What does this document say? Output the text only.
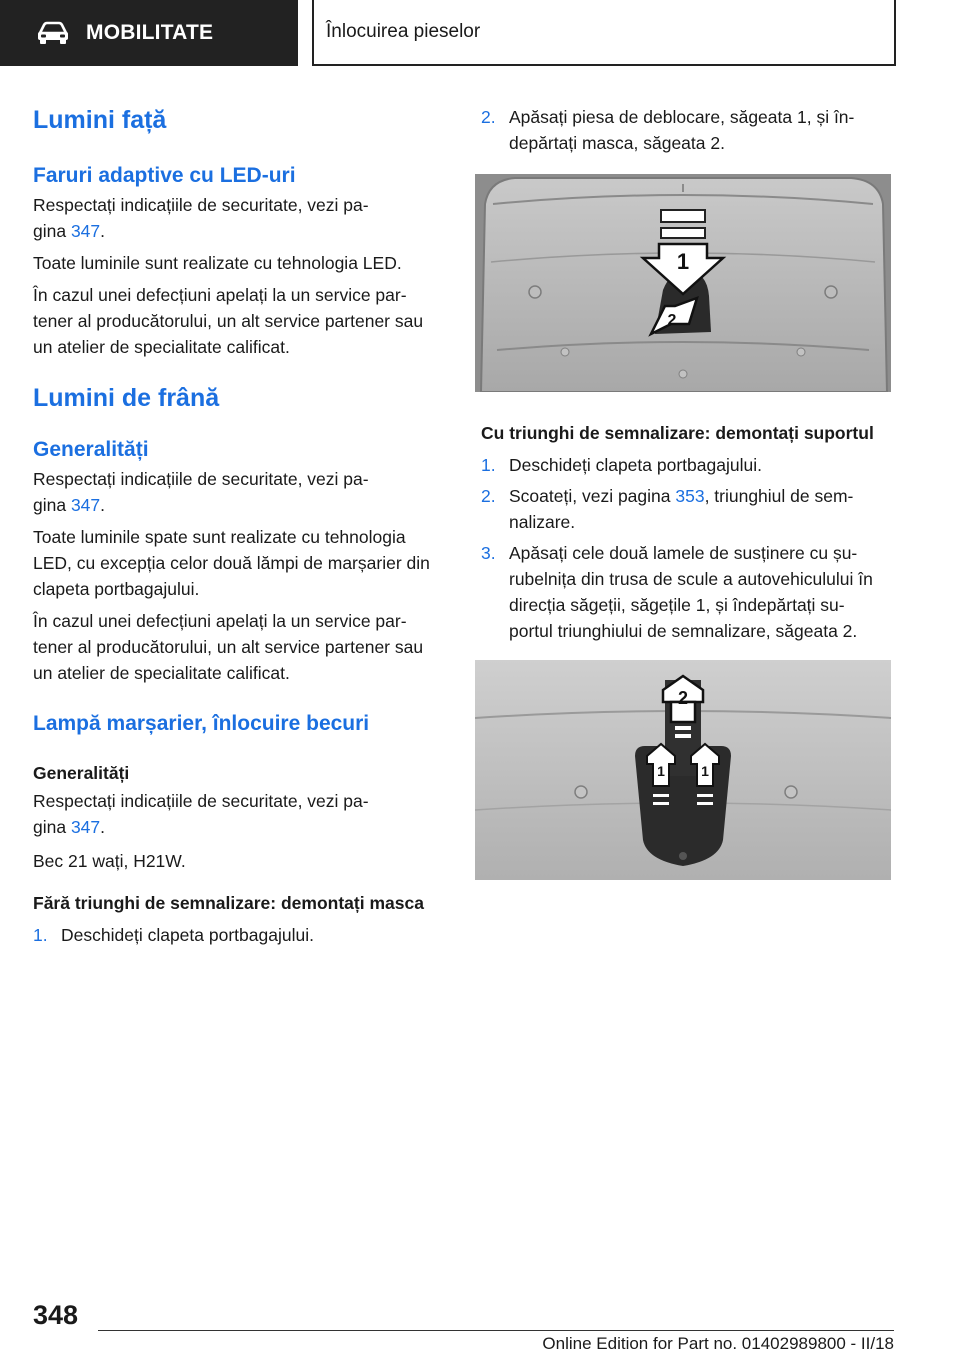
MOBILITATE	Înlocuirea pieselor
Lumini față
Faruri adaptive cu LED-uri
Respectați indicațiile de securitate, vezi pa‐
gina 347.
Toate luminile sunt realizate cu tehnologia LED.
În cazul unei defecțiuni apelați la un service par‐ tener al producătorului, un alt service partener sau un atelier de specialitate calificat.
Lumini de frână
Generalități
Respectați indicațiile de securitate, vezi pa‐
gina 347.
Toate luminile spate sunt realizate cu tehnologia LED, cu excepția celor două lămpi de marșarier din clapeta portbagajului.
În cazul unei defecțiuni apelați la un service par‐ tener al producătorului, un alt service partener sau un atelier de specialitate calificat.
Lampă marșarier, înlocuire becuri
Generalități
Respectați indicațiile de securitate, vezi pa‐
gina 347.
Bec 21 wați, H21W.
Fără triunghi de semnalizare: demontați masca
1. Deschideți clapeta portbagajului.
2. Apăsați piesa de deblocare, săgeata 1, și în‐ depărtați masca, săgeata 2.
1
2
Cu triunghi de semnalizare: demontați suportul
1. Deschideți clapeta portbagajului.
2. Scoateți, vezi pagina 353, triunghiul de sem‐ nalizare.
3. Apăsați cele două lamele de susținere cu șu‐ rubelnița din trusa de scule a autovehiculului în direcția săgeții, săgețile 1, și îndepărtați su‐ portul triunghiului de semnalizare, săgeata 2.
2
1	1
348
Online Edition for Part no. 01402989800 - II/18
